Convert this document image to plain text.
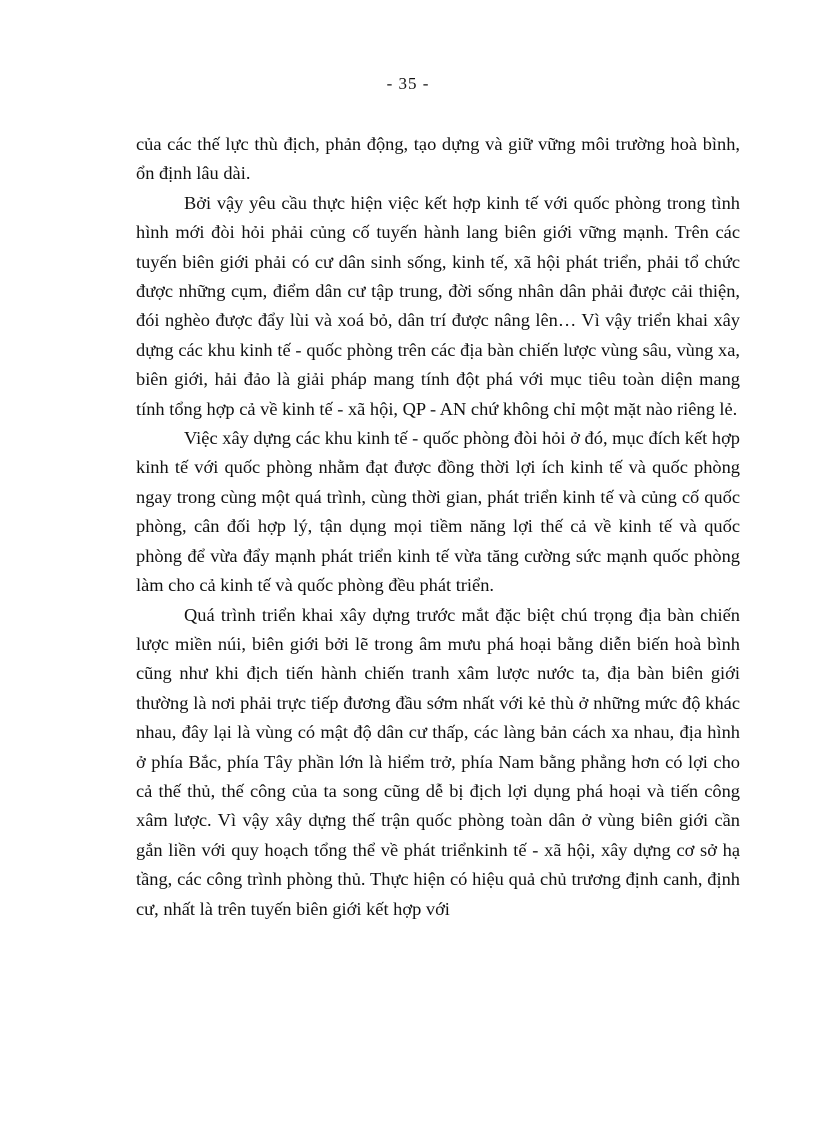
- 35 -

của các thế lực thù địch, phản động, tạo dựng và giữ vững môi trường hoà bình, ổn định lâu dài.

Bởi vậy yêu cầu thực hiện việc kết hợp kinh tế với quốc phòng trong tình hình mới đòi hỏi phải củng cố tuyến hành lang biên giới vững mạnh. Trên các tuyến biên giới phải có cư dân sinh sống, kinh tế, xã hội phát triển, phải tổ chức được những cụm, điểm dân cư tập trung, đời sống nhân dân phải được cải thiện, đói nghèo được đẩy lùi và xoá bỏ, dân trí được nâng lên… Vì vậy triển khai xây dựng các khu kinh tế - quốc phòng trên các địa bàn chiến lược vùng sâu, vùng xa, biên giới, hải đảo là giải pháp mang tính đột phá với mục tiêu toàn diện mang tính tổng hợp cả về kinh tế - xã hội, QP - AN chứ không chỉ một mặt nào riêng lẻ.

Việc xây dựng các khu kinh tế - quốc phòng đòi hỏi ở đó, mục đích kết hợp kinh tế với quốc phòng nhằm đạt được đồng thời lợi ích kinh tế và quốc phòng ngay trong cùng một quá trình, cùng thời gian, phát triển kinh tế và củng cố quốc phòng, cân đối hợp lý, tận dụng mọi tiềm năng lợi thế cả về kinh tế và quốc phòng để vừa đẩy mạnh phát triển kinh tế vừa tăng cường sức mạnh quốc phòng làm cho cả kinh tế và quốc phòng đều phát triển.

Quá trình triển khai xây dựng trước mắt đặc biệt chú trọng địa bàn chiến lược miền núi, biên giới bởi lẽ trong âm mưu phá hoại bằng diễn biến hoà bình cũng như khi địch tiến hành chiến tranh xâm lược nước ta, địa bàn biên giới thường là nơi phải trực tiếp đương đầu sớm nhất với kẻ thù ở những mức độ khác nhau, đây lại là vùng có mật độ dân cư thấp, các làng bản cách xa nhau, địa hình ở phía Bắc, phía Tây phần lớn là hiểm trở, phía Nam bằng phẳng hơn có lợi cho cả thế thủ, thế công của ta song cũng dễ bị địch lợi dụng phá hoại và tiến công xâm lược. Vì vậy xây dựng thế trận quốc phòng toàn dân ở vùng biên giới cần gắn liền với quy hoạch tổng thể về phát triểnkinh tế - xã hội, xây dựng cơ sở hạ tầng, các công trình phòng thủ. Thực hiện có hiệu quả chủ trương định canh, định cư, nhất là trên tuyến biên giới kết hợp với
